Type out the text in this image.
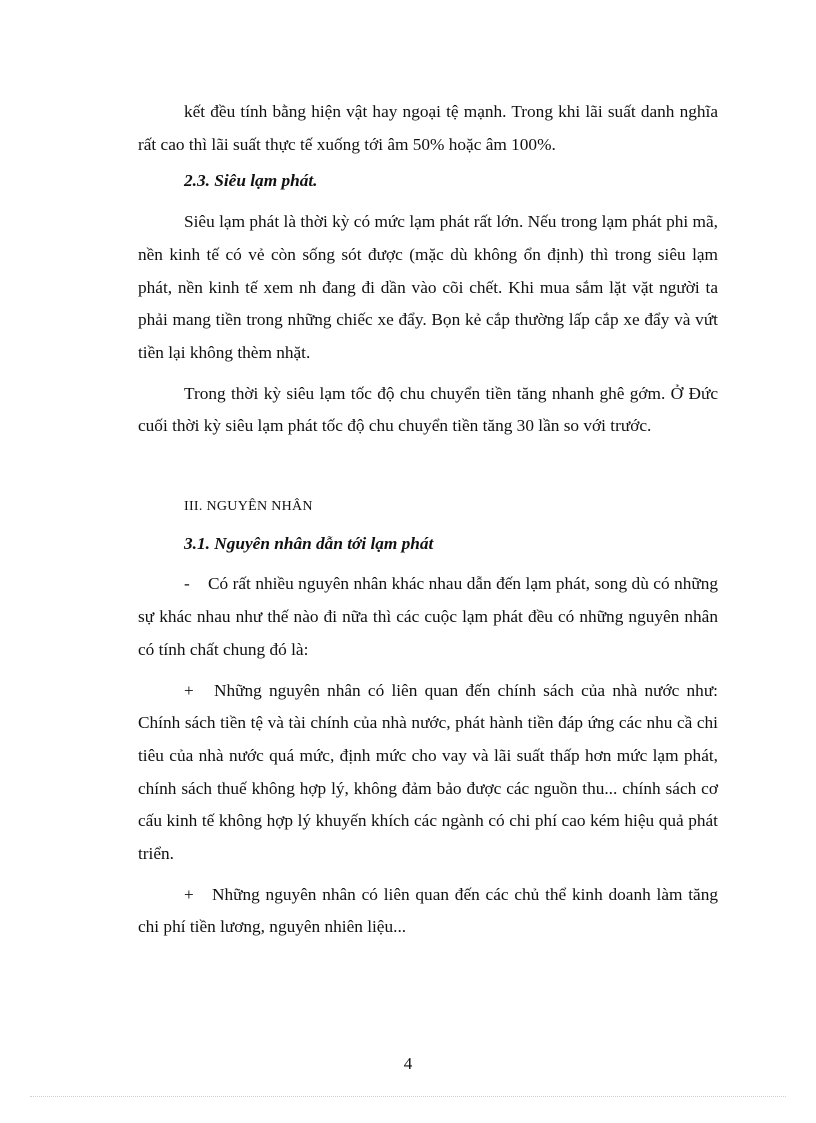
kết đều tính bằng hiện vật hay ngoại tệ mạnh. Trong khi lãi suất danh nghĩa rất cao thì lãi suất thực tế xuống tới âm 50% hoặc âm 100%.

2.3. Siêu lạm phát.

Siêu lạm phát là thời kỳ có mức lạm phát rất lớn. Nếu trong lạm phát phi mã, nền kinh tế có vẻ còn sống sót được (mặc dù không ổn định) thì trong siêu lạm phát, nền kinh tế xem nh đang đi dần vào cõi chết. Khi mua sắm lặt vặt người ta phải mang tiền trong những chiếc xe đẩy. Bọn kẻ cắp thường lấp cắp xe đẩy và vứt tiền lại không thèm nhặt.

Trong thời kỳ siêu lạm tốc độ chu chuyển tiền tăng nhanh ghê gớm. Ở Đức cuối thời kỳ siêu lạm phát tốc độ chu chuyển tiền tăng 30 lần so với trước.

III. NGUYÊN NHÂN

3.1. Nguyên nhân dẫn tới lạm phát

- Có rất nhiều nguyên nhân khác nhau dẫn đến lạm phát, song dù có những sự khác nhau như thế nào đi nữa thì các cuộc lạm phát đều có những nguyên nhân có tính chất chung đó là:

+ Những nguyên nhân có liên quan đến chính sách của nhà nước như: Chính sách tiền tệ và tài chính của nhà nước, phát hành tiền đáp ứng các nhu cầ chi tiêu của nhà nước quá mức, định mức cho vay và lãi suất thấp hơn mức lạm phát, chính sách thuế không hợp lý, không đảm bảo được các nguồn thu... chính sách cơ cấu kinh tế không hợp lý khuyến khích các ngành có chi phí cao kém hiệu quả phát triển.

+ Những nguyên nhân có liên quan đến các chủ thể kinh doanh làm tăng chi phí tiền lương, nguyên nhiên liệu...

4
